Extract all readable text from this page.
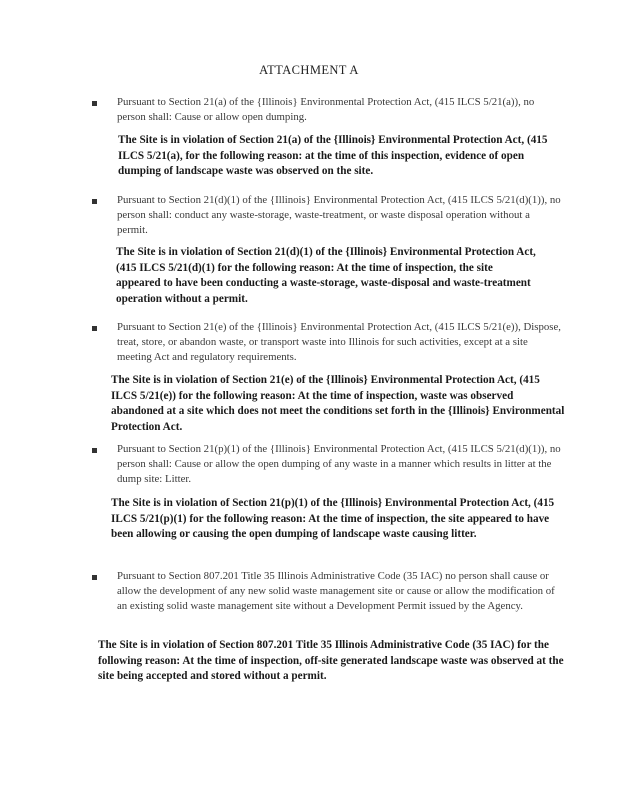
ATTACHMENT A
Pursuant to Section 21(a) of the {Illinois} Environmental Protection Act, (415 ILCS 5/21(a)), no person shall: Cause or allow open dumping.
The Site is in violation of Section 21(a) of the {Illinois} Environmental Protection Act, (415 ILCS 5/21(a), for the following reason: at the time of this inspection, evidence of open dumping of landscape waste was observed on the site.
Pursuant to Section 21(d)(1) of the {Illinois} Environmental Protection Act, (415 ILCS 5/21(d)(1)), no person shall: conduct any waste-storage, waste-treatment, or waste disposal operation without a permit.
The Site is in violation of Section 21(d)(1) of the {Illinois} Environmental Protection Act, (415 ILCS 5/21(d)(1) for the following reason: At the time of inspection, the site appeared to have been conducting a waste-storage, waste-disposal and waste-treatment operation without a permit.
Pursuant to Section 21(e) of the {Illinois} Environmental Protection Act, (415 ILCS 5/21(e)), Dispose, treat, store, or abandon waste, or transport waste into Illinois for such activities, except at a site meeting Act and regulatory requirements.
The Site is in violation of Section 21(e) of the {Illinois} Environmental Protection Act, (415 ILCS 5/21(e)) for the following reason: At the time of inspection, waste was observed abandoned at a site which does not meet the conditions set forth in the {Illinois} Environmental Protection Act.
Pursuant to Section 21(p)(1) of the {Illinois} Environmental Protection Act, (415 ILCS 5/21(d)(1)), no person shall: Cause or allow the open dumping of any waste in a manner which results in litter at the dump site: Litter.
The Site is in violation of Section 21(p)(1) of the {Illinois} Environmental Protection Act, (415 ILCS 5/21(p)(1) for the following reason: At the time of inspection, the site appeared to have been allowing or causing the open dumping of landscape waste causing litter.
Pursuant to Section 807.201 Title 35 Illinois Administrative Code (35 IAC) no person shall cause or allow the development of any new solid waste management site or cause or allow the modification of an existing solid waste management site without a Development Permit issued by the Agency.
The Site is in violation of Section 807.201 Title 35 Illinois Administrative Code (35 IAC) for the following reason: At the time of inspection, off-site generated landscape waste was observed at the site being accepted and stored without a permit.
